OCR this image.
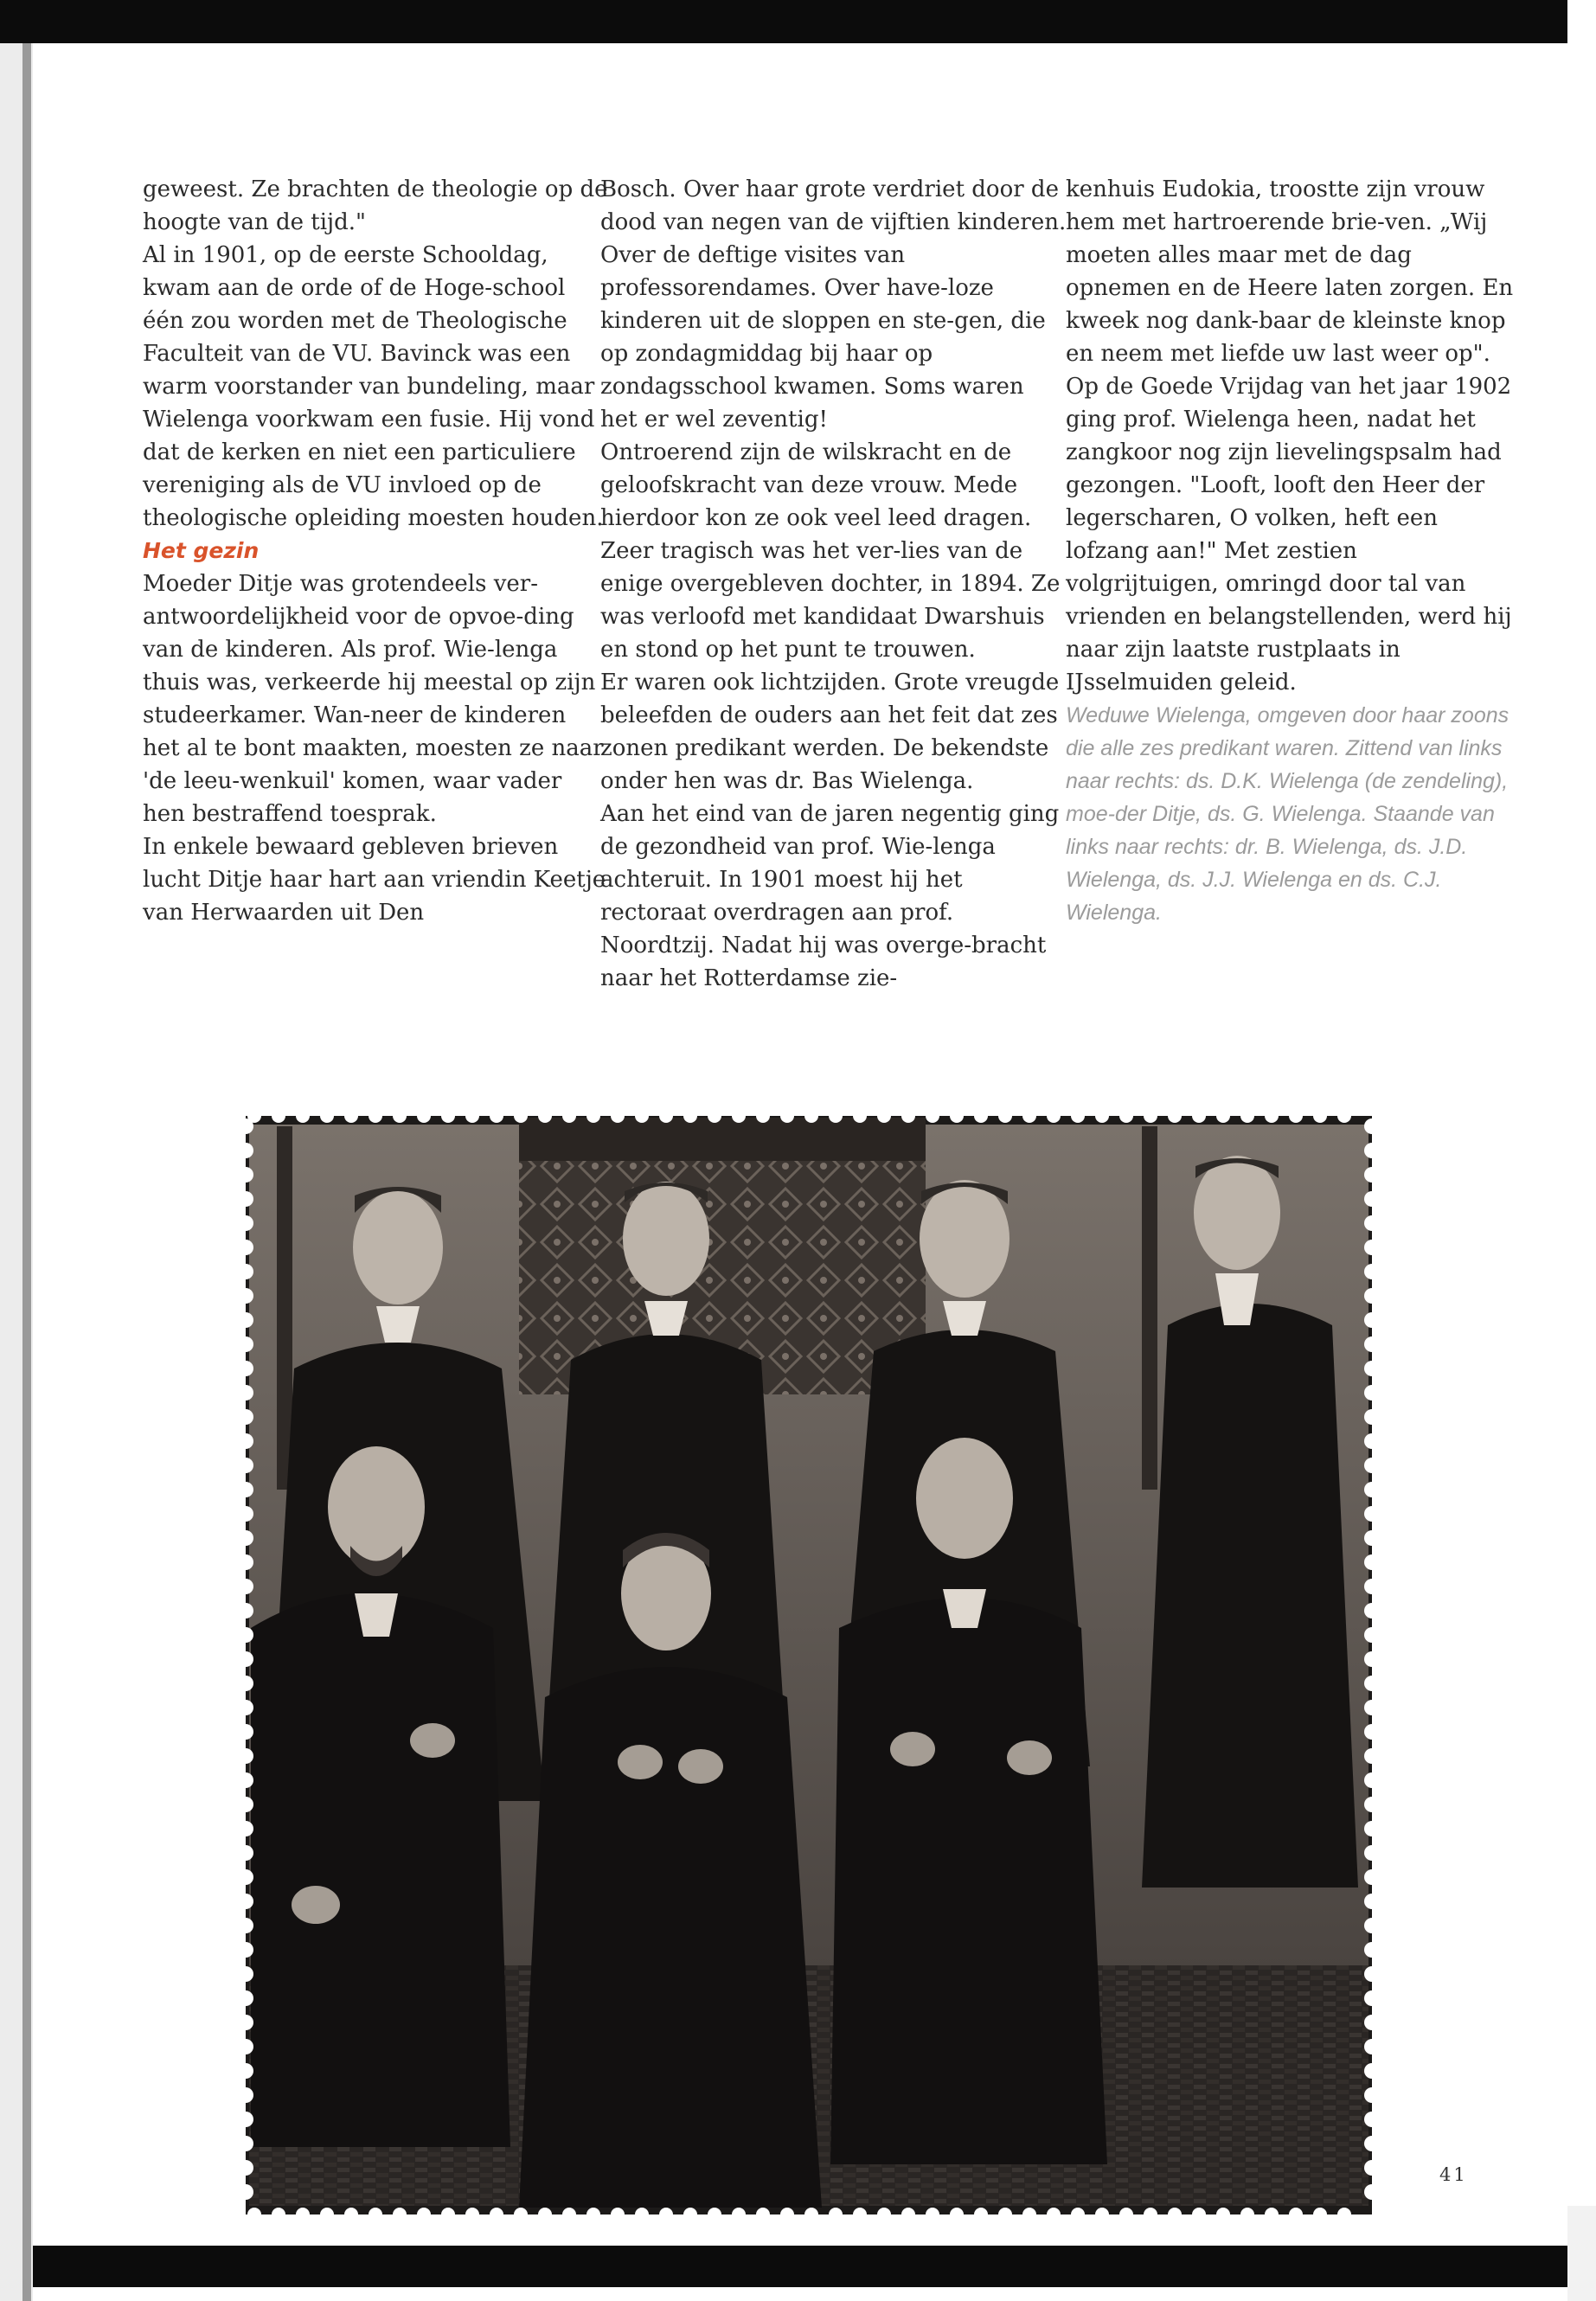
geweest. Ze brachten de theologie op de hoogte van de tijd."

Al in 1901, op de eerste Schooldag, kwam aan de orde of de Hoge-school één zou worden met de Theologische Faculteit van de VU. Bavinck was een warm voorstander van bundeling, maar Wielenga voorkwam een fusie. Hij vond dat de kerken en niet een particuliere vereniging als de VU invloed op de theologische opleiding moesten houden.

Het gezin

Moeder Ditje was grotendeels ver-antwoordelijkheid voor de opvoe-ding van de kinderen. Als prof. Wie-lenga thuis was, verkeerde hij meestal op zijn studeerkamer. Wan-neer de kinderen het al te bont maakten, moesten ze naar 'de leeu-wenkuil' komen, waar vader hen bestraffend toesprak.

In enkele bewaard gebleven brieven lucht Ditje haar hart aan vriendin Keetje van Herwaarden uit Den

Bosch. Over haar grote verdriet door de dood van negen van de vijftien kinderen. Over de deftige visites van professorendames. Over have-loze kinderen uit de sloppen en ste-gen, die op zondagmiddag bij haar op zondagsschool kwamen. Soms waren het er wel zeventig!

Ontroerend zijn de wilskracht en de geloofskracht van deze vrouw. Mede hierdoor kon ze ook veel leed dragen. Zeer tragisch was het ver-lies van de enige overgebleven dochter, in 1894. Ze was verloofd met kandidaat Dwarshuis en stond op het punt te trouwen.

Er waren ook lichtzijden. Grote vreugde beleefden de ouders aan het feit dat zes zonen predikant werden. De bekendste onder hen was dr. Bas Wielenga.

Aan het eind van de jaren negentig ging de gezondheid van prof. Wie-lenga achteruit. In 1901 moest hij het rectoraat overdragen aan prof. Noordtzij. Nadat hij was overge-bracht naar het Rotterdamse zie-

kenhuis Eudokia, troostte zijn vrouw hem met hartroerende brie-ven. „Wij moeten alles maar met de dag opnemen en de Heere laten zorgen. En kweek nog dank-baar de kleinste knop en neem met liefde uw last weer op". Op de Goede Vrijdag van het jaar 1902 ging prof. Wielenga heen, nadat het zangkoor nog zijn lievelingspsalm had gezongen. "Looft, looft den Heer der legerscharen, O volken, heft een lofzang aan!" Met zestien volgrijtuigen, omringd door tal van vrienden en belangstellenden, werd hij naar zijn laatste rustplaats in IJsselmuiden geleid.

Weduwe Wielenga, omgeven door haar zoons die alle zes predikant waren. Zittend van links naar rechts: ds. D.K. Wielenga (de zendeling), moe-der Ditje, ds. G. Wielenga. Staande van links naar rechts: dr. B. Wielenga, ds. J.D. Wielenga, ds. J.J. Wielenga en ds. C.J. Wielenga.

41
